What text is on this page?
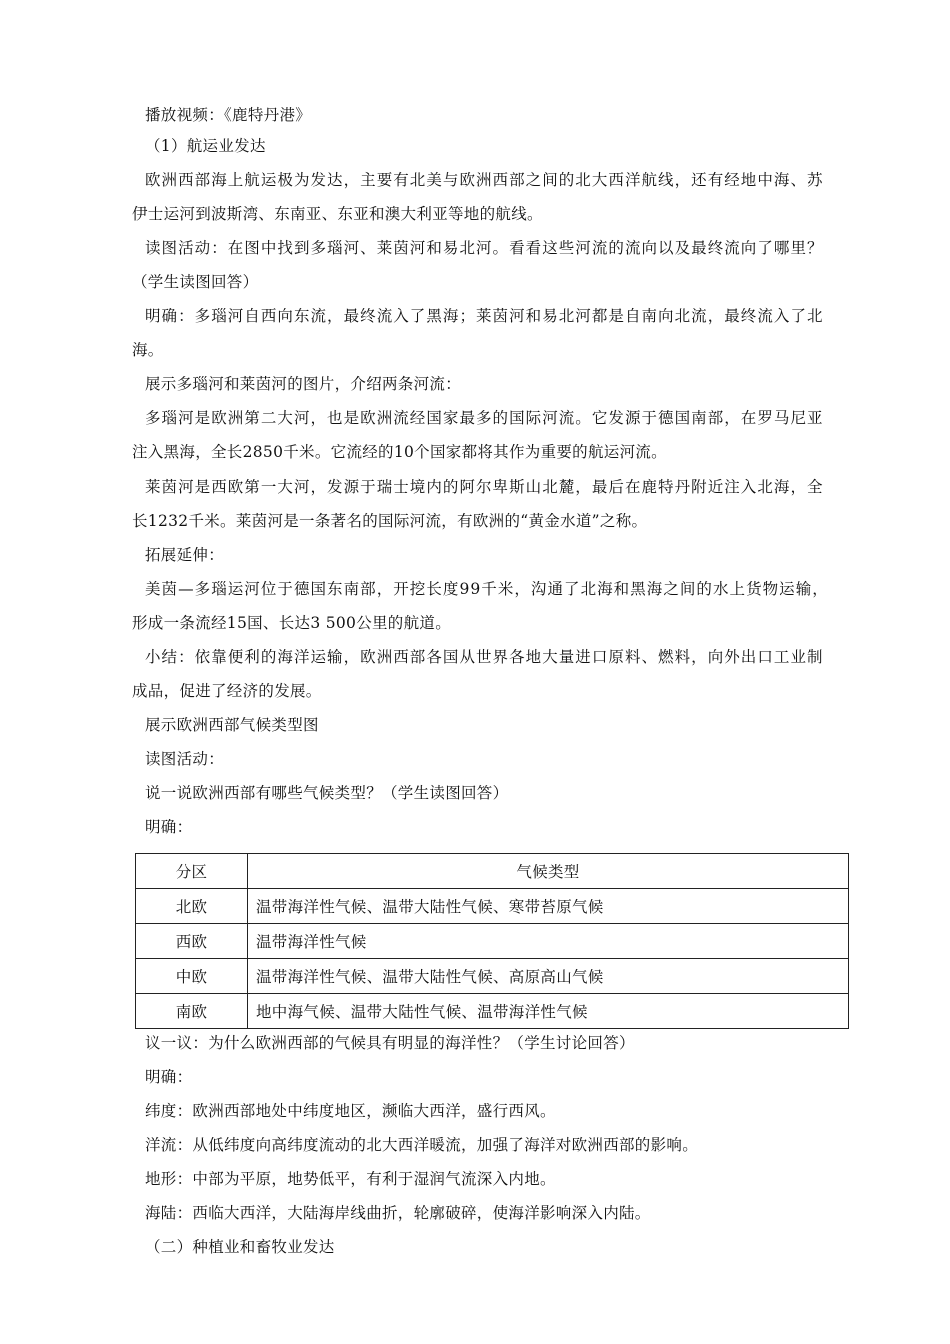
播放视频：《鹿特丹港》

（1）航运业发达

欧洲西部海上航运极为发达，主要有北美与欧洲西部之间的北大西洋航线，还有经地中海、苏

伊士运河到波斯湾、东南亚、东亚和澳大利亚等地的航线。

读图活动：在图中找到多瑙河、莱茵河和易北河。看看这些河流的流向以及最终流向了哪里？

（学生读图回答）

明确：多瑙河自西向东流，最终流入了黑海；莱茵河和易北河都是自南向北流，最终流入了北

海。

展示多瑙河和莱茵河的图片，介绍两条河流：

多瑙河是欧洲第二大河，也是欧洲流经国家最多的国际河流。它发源于德国南部，在罗马尼亚

注入黑海，全长2850千米。它流经的10个国家都将其作为重要的航运河流。

莱茵河是西欧第一大河，发源于瑞士境内的阿尔卑斯山北麓，最后在鹿特丹附近注入北海，全

长1232千米。莱茵河是一条著名的国际河流，有欧洲的“黄金水道”之称。

拓展延伸：

美茵—多瑙运河位于德国东南部，开挖长度99千米，沟通了北海和黑海之间的水上货物运输，

形成一条流经15国、长达3 500公里的航道。

小结：依靠便利的海洋运输，欧洲西部各国从世界各地大量进口原料、燃料，向外出口工业制

成品，促进了经济的发展。

展示欧洲西部气候类型图

读图活动：

说一说欧洲西部有哪些气候类型？（学生读图回答）

明确：

分区	气候类型
北欧	温带海洋性气候、温带大陆性气候、寒带苔原气候
西欧	温带海洋性气候
中欧	温带海洋性气候、温带大陆性气候、高原高山气候
南欧	地中海气候、温带大陆性气候、温带海洋性气候

议一议：为什么欧洲西部的气候具有明显的海洋性？（学生讨论回答）

明确：

纬度：欧洲西部地处中纬度地区，濒临大西洋，盛行西风。

洋流：从低纬度向高纬度流动的北大西洋暖流，加强了海洋对欧洲西部的影响。

地形：中部为平原，地势低平，有利于湿润气流深入内地。

海陆：西临大西洋，大陆海岸线曲折，轮廓破碎，使海洋影响深入内陆。

（二）种植业和畜牧业发达
